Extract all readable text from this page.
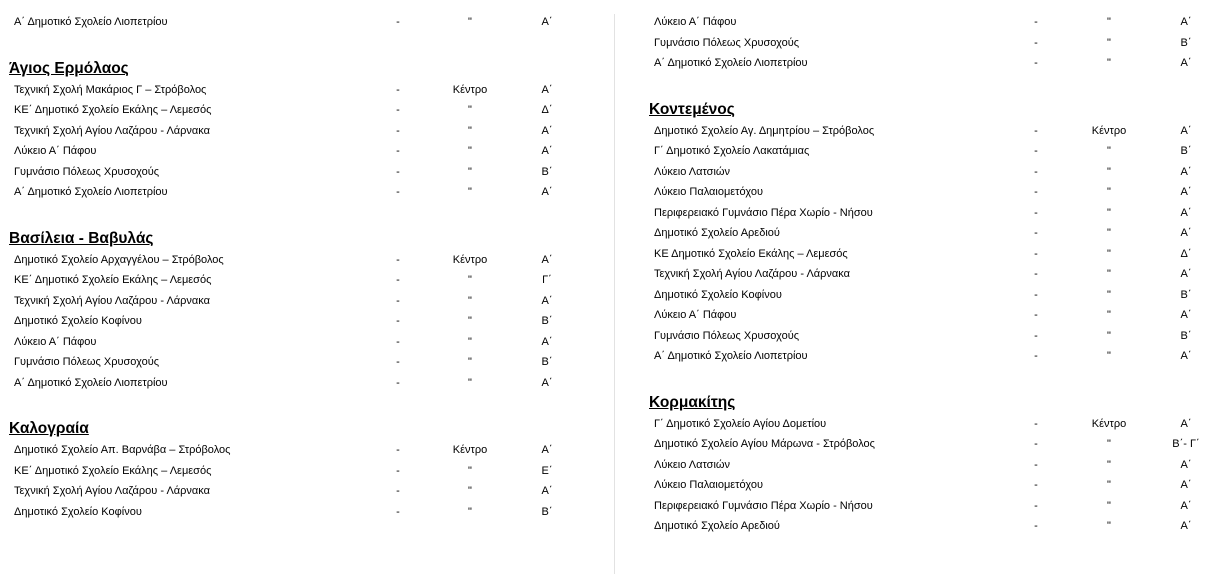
Α΄ Δημοτικό Σχολείο Λιοπετρίου	-	"	Α΄
Άγιος Ερμόλαος
Τεχνική Σχολή Μακάριος Γ – Στρόβολος	-	Κέντρο	Α΄
ΚΕ΄ Δημοτικό Σχολείο Εκάλης – Λεμεσός	-	"	Δ΄
Τεχνική Σχολή Αγίου Λαζάρου - Λάρνακα	-	"	Α΄
Λύκειο Α΄ Πάφου	-	"	Α΄
Γυμνάσιο Πόλεως Χρυσοχούς	-	"	Β΄
Α΄ Δημοτικό Σχολείο Λιοπετρίου	-	"	Α΄
Βασίλεια - Βαβυλάς
Δημοτικό Σχολείο Αρχαγγέλου – Στρόβολος	-	Κέντρο	Α΄
ΚΕ΄ Δημοτικό Σχολείο Εκάλης – Λεμεσός	-	"	Γ΄
Τεχνική Σχολή Αγίου Λαζάρου - Λάρνακα	-	"	Α΄
Δημοτικό Σχολείο Κοφίνου	-	"	Β΄
Λύκειο Α΄ Πάφου	-	"	Α΄
Γυμνάσιο Πόλεως Χρυσοχούς	-	"	Β΄
Α΄ Δημοτικό Σχολείο Λιοπετρίου	-	"	Α΄
Καλογραία
Δημοτικό Σχολείο Απ. Βαρνάβα – Στρόβολος	-	Κέντρο	Α΄
ΚΕ΄ Δημοτικό Σχολείο Εκάλης – Λεμεσός	-	"	Ε΄
Τεχνική Σχολή Αγίου Λαζάρου - Λάρνακα	-	"	Α΄
Δημοτικό Σχολείο Κοφίνου	-	"	Β΄
Λύκειο Α΄ Πάφου	-	"	Α΄
Γυμνάσιο Πόλεως Χρυσοχούς	-	"	Β΄
Α΄ Δημοτικό Σχολείο Λιοπετρίου	-	"	Α΄
Κοντεμένος
Δημοτικό Σχολείο Αγ. Δημητρίου – Στρόβολος	-	Κέντρο	Α΄
Γ΄ Δημοτικό Σχολείο Λακατάμιας	-	"	Β΄
Λύκειο Λατσιών	-	"	Α΄
Λύκειο Παλαιομετόχου	-	"	Α΄
Περιφερειακό Γυμνάσιο Πέρα Χωρίο - Νήσου	-	"	Α΄
Δημοτικό Σχολείο Αρεδιού	-	"	Α΄
ΚΕ Δημοτικό Σχολείο Εκάλης – Λεμεσός	-	"	Δ΄
Τεχνική Σχολή Αγίου Λαζάρου - Λάρνακα	-	"	Α΄
Δημοτικό Σχολείο Κοφίνου	-	"	Β΄
Λύκειο Α΄ Πάφου	-	"	Α΄
Γυμνάσιο Πόλεως Χρυσοχούς	-	"	Β΄
Α΄ Δημοτικό Σχολείο Λιοπετρίου	-	"	Α΄
Κορμακίτης
Γ΄ Δημοτικό Σχολείο Αγίου Δομετίου	-	Κέντρο	Α΄
Δημοτικό Σχολείο Αγίου Μάρωνα - Στρόβολος	-	"	Β΄- Γ΄
Λύκειο Λατσιών	-	"	Α΄
Λύκειο Παλαιομετόχου	-	"	Α΄
Περιφερειακό Γυμνάσιο Πέρα Χωρίο - Νήσου	-	"	Α΄
Δημοτικό Σχολείο Αρεδιού	-	"	Α΄
